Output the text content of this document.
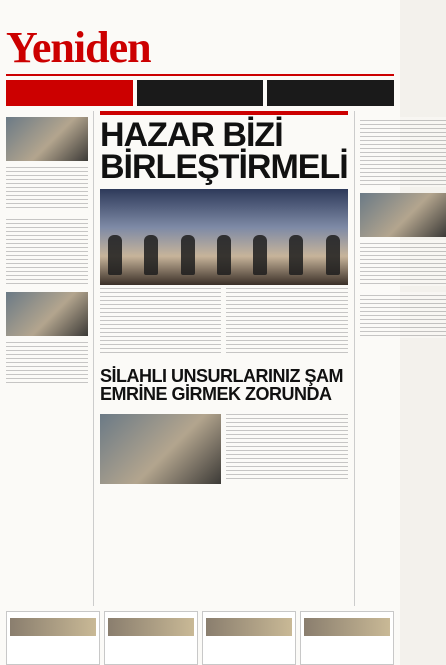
Yeniden
HAZAR BİZİ BİRLEŞTİRMELİ
SİLAHLI UNSURLARINIZ ŞAM EMRİNE GİRMEK ZORUNDA
